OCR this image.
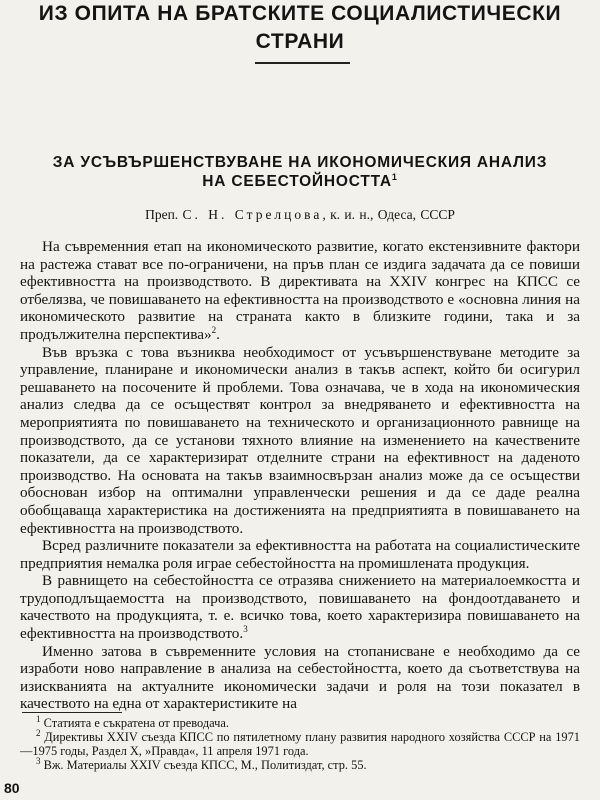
ИЗ ОПИТА НА БРАТСКИТЕ СОЦИАЛИСТИЧЕСКИ
СТРАНИ
ЗА УСЪВЪРШЕНСТВУВАНЕ НА ИКОНОМИЧЕСКИЯ АНАЛИЗ
НА СЕБЕСТОЙНОСТТА$^1$

Преп. С. Н. Стрелцова, к. и. н., Одеса, СССР

На съвременния етап на икономическото развитие, когато екстензивните фактори на растежа стават все по-ограничени, на пръв план се издига задачата да се повиши ефективността на производството. В директивата на XXIV конгрес на КПСС се отбелязва, че повишаването на ефективността на производството е «основна линия на икономическото развитие на страната както в близките години, така и за продължителна перспектива»$^2$.

Във връзка с това възниква необходимост от усъвършенствуване методите за управление, планиране и икономически анализ в такъв аспект, който би осигурил решаването на посочените й проблеми. Това означава, че в хода на икономическия анализ следва да се осъществят контрол за внедряването и ефективността на мероприятията по повишаването на техническото и организационното равнище на производството, да се установи тяхното влияние на изменението на качествените показатели, да се характеризират отделните страни на ефективност на даденото производство. На основата на такъв взаимносвързан анализ може да се осъществи обоснован избор на оптимални управленчески решения и да се даде реална обобщаваща характеристика на достиженията на предприятията в повишаването на ефективността на производството.

Всред различните показатели за ефективността на работата на социалистическите предприятия немалка роля играе себестойността на промишлената продукция.

В равнището на себестойността се отразява снижението на материалоемкостта и трудоподлъщаемостта на производството, повишаването на фондоотдаването и качеството на продукцията, т. е. всичко това, което характеризира повишаването на ефективността на производството.$^3$

Именно затова в съвременните условия на стопанисване е необходимо да се изработи ново направление в анализа на себестойността, което да съответствува на изискванията на актуалните икономически задачи и роля на този показател в качеството на една от характеристиките на

$^1$ Статията е съкратена от преводача.

$^2$ Директивы XXIV съезда КПСС по пятилетному плану развития народного хозяйства СССР на 1971—1975 годы, Раздел X, »Правда«, 11 апреля 1971 года.

$^3$ Вж. Материалы XXIV съезда КПСС, М., Политиздат, стр. 55.

80
